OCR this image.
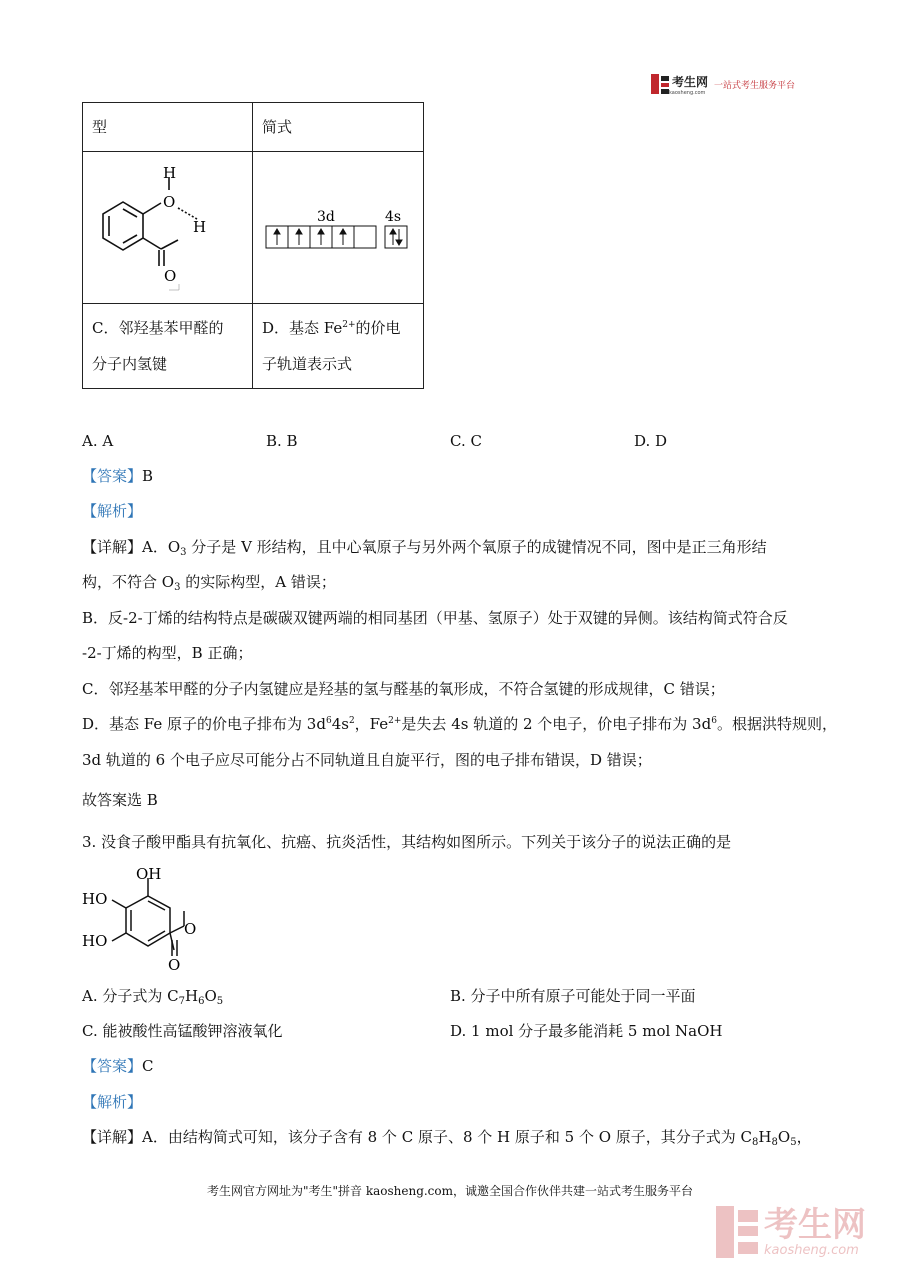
考生网
kaosheng.com
一站式考生服务平台
型	简式
H
O
H
O
3d	4s
C．邻羟基苯甲醛的
分子内氢键
D．基态 $Fe^{2+}$的价电
子轨道表示式
A. A	B. B	C. C	D. D
【答案】B
【解析】
【详解】A．$O_3$ 分子是 V 形结构，且中心氧原子与另外两个氧原子的成键情况不同，图中是正三角形结
构，不符合 $O_3$ 的实际构型，A 错误；
B．反-2-丁烯的结构特点是碳碳双键两端的相同基团（甲基、氢原子）处于双键的异侧。该结构简式符合反
-2-丁烯的构型，B 正确；
C．邻羟基苯甲醛的分子内氢键应是羟基的氢与醛基的氧形成，不符合氢键的形成规律，C 错误；
D．基态 Fe 原子的价电子排布为 $3d^64s^2$，$Fe^{2+}$是失去 4s 轨道的 2 个电子，价电子排布为 $3d^6$。根据洪特规则，
3d 轨道的 6 个电子应尽可能分占不同轨道且自旋平行，图的电子排布错误，D 错误；
故答案选 B
3. 没食子酸甲酯具有抗氧化、抗癌、抗炎活性，其结构如图所示。下列关于该分子的说法正确的是
OH
HO
HO
O
O
A. 分子式为 $C_7H_6O_5$	B. 分子中所有原子可能处于同一平面
C. 能被酸性高锰酸钾溶液氧化	D. 1 mol 分子最多能消耗 5 mol NaOH
【答案】C
【解析】
【详解】A．由结构简式可知，该分子含有 8 个 C 原子、8 个 H 原子和 5 个 O 原子，其分子式为 $C_8H_8O_5$，
考生网官方网址为"考生"拼音 kaosheng.com，诚邀全国合作伙伴共建一站式考生服务平台
考生网
kaosheng.com
